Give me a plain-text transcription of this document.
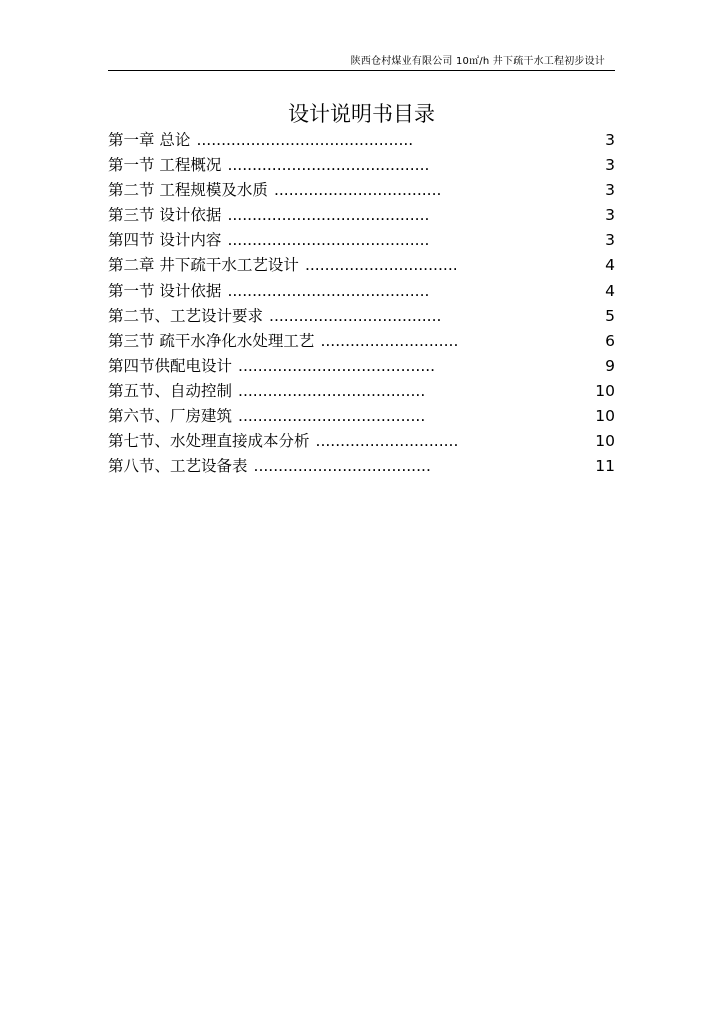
陕西仓村煤业有限公司 10㎡/h 井下疏干水工程初步设计
设计说明书目录
第一章 总论 ............................................	3
第一节 工程概况 .........................................	3
第二节 工程规模及水质 ..................................	3
第三节 设计依据 .........................................	3
第四节 设计内容 .........................................	3
第二章 井下疏干水工艺设计 ...............................	4
第一节 设计依据 .........................................	4
第二节、工艺设计要求 ...................................	5
第三节 疏干水净化水处理工艺 ............................	6
第四节供配电设计 ........................................	9
第五节、自动控制 ......................................	10
第六节、厂房建筑 ......................................	10
第七节、水处理直接成本分析 .............................	10
第八节、工艺设备表 ....................................	11
